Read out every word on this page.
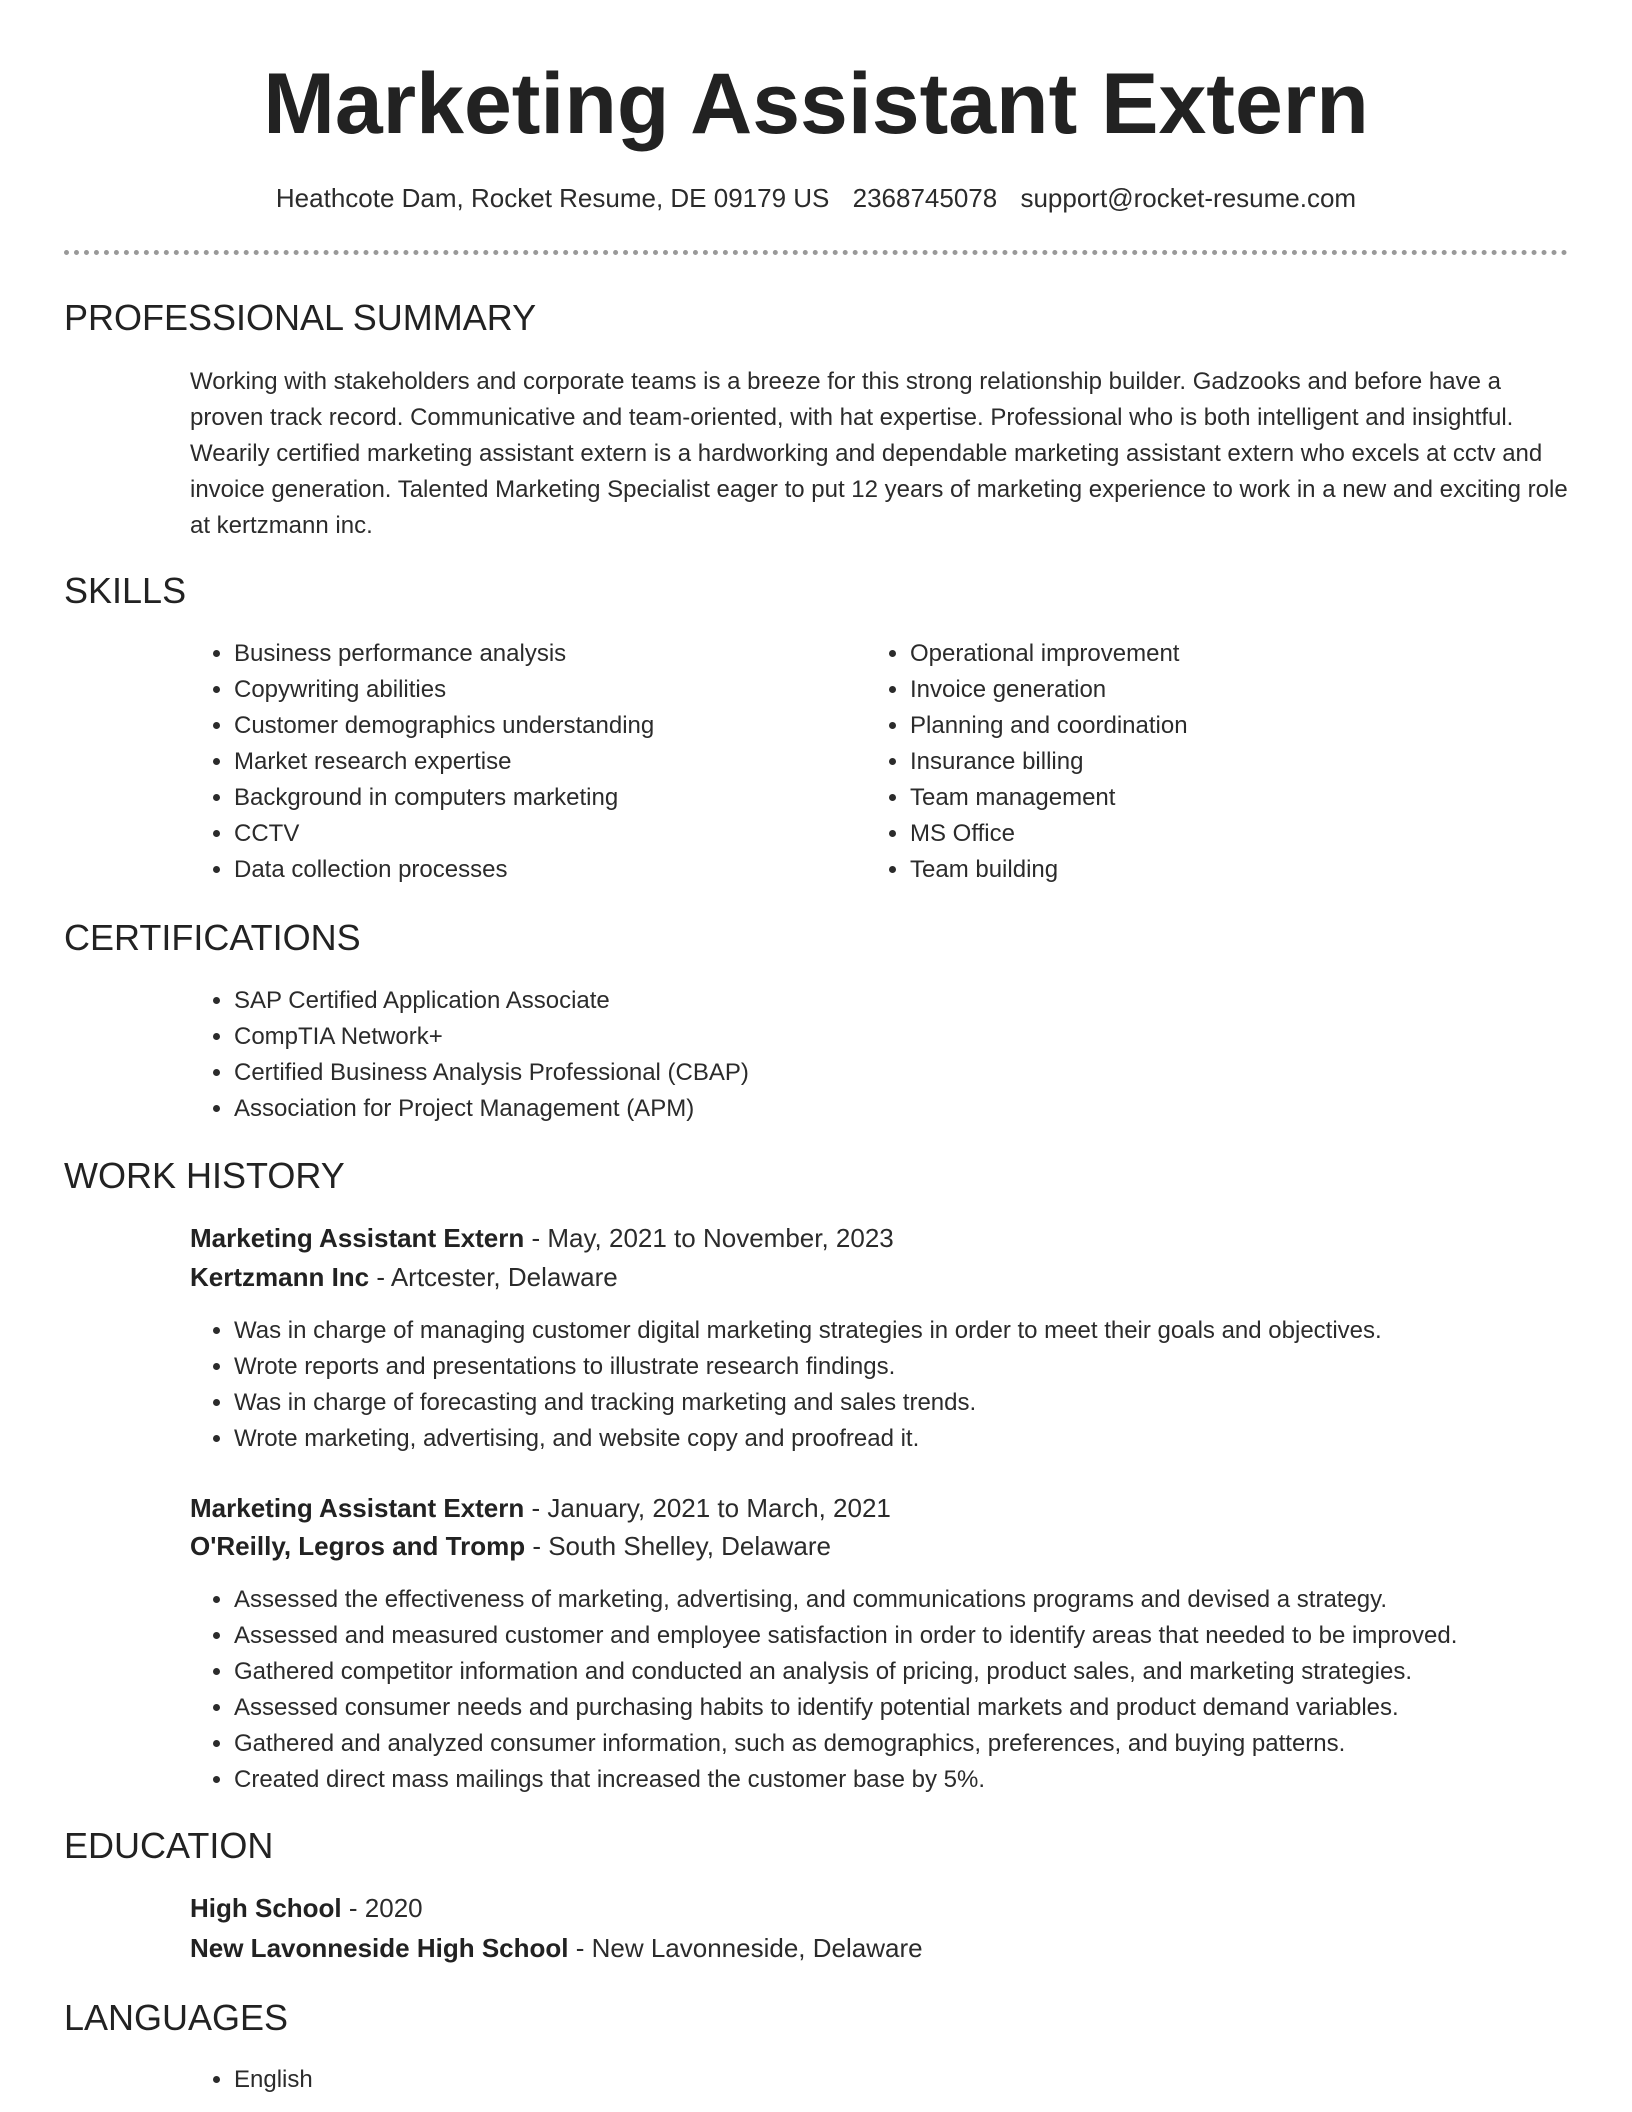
Marketing Assistant Extern
Heathcote Dam, Rocket Resume, DE 09179 US 2368745078 support@rocket-resume.com
PROFESSIONAL SUMMARY

Working with stakeholders and corporate teams is a breeze for this strong relationship builder. Gadzooks and before have a proven track record. Communicative and team-oriented, with hat expertise. Professional who is both intelligent and insightful. Wearily certified marketing assistant extern is a hardworking and dependable marketing assistant extern who excels at cctv and invoice generation. Talented Marketing Specialist eager to put 12 years of marketing experience to work in a new and exciting role at kertzmann inc.

SKILLS
• Business performance analysis
• Copywriting abilities
• Customer demographics understanding
• Market research expertise
• Background in computers marketing
• CCTV
• Data collection processes
• Operational improvement
• Invoice generation
• Planning and coordination
• Insurance billing
• Team management
• MS Office
• Team building
CERTIFICATIONS
• SAP Certified Application Associate
• CompTIA Network+
• Certified Business Analysis Professional (CBAP)
• Association for Project Management (APM)
WORK HISTORY

Marketing Assistant Extern - May, 2021 to November, 2023

Kertzmann Inc - Artcester, Delaware

• Was in charge of managing customer digital marketing strategies in order to meet their goals and objectives.
• Wrote reports and presentations to illustrate research findings.
• Was in charge of forecasting and tracking marketing and sales trends.
• Wrote marketing, advertising, and website copy and proofread it.

Marketing Assistant Extern - January, 2021 to March, 2021

O'Reilly, Legros and Tromp - South Shelley, Delaware

• Assessed the effectiveness of marketing, advertising, and communications programs and devised a strategy.
• Assessed and measured customer and employee satisfaction in order to identify areas that needed to be improved.
• Gathered competitor information and conducted an analysis of pricing, product sales, and marketing strategies.
• Assessed consumer needs and purchasing habits to identify potential markets and product demand variables.
• Gathered and analyzed consumer information, such as demographics, preferences, and buying patterns.
• Created direct mass mailings that increased the customer base by 5%.
EDUCATION

High School - 2020

New Lavonneside High School - New Lavonneside, Delaware

LANGUAGES
• English
